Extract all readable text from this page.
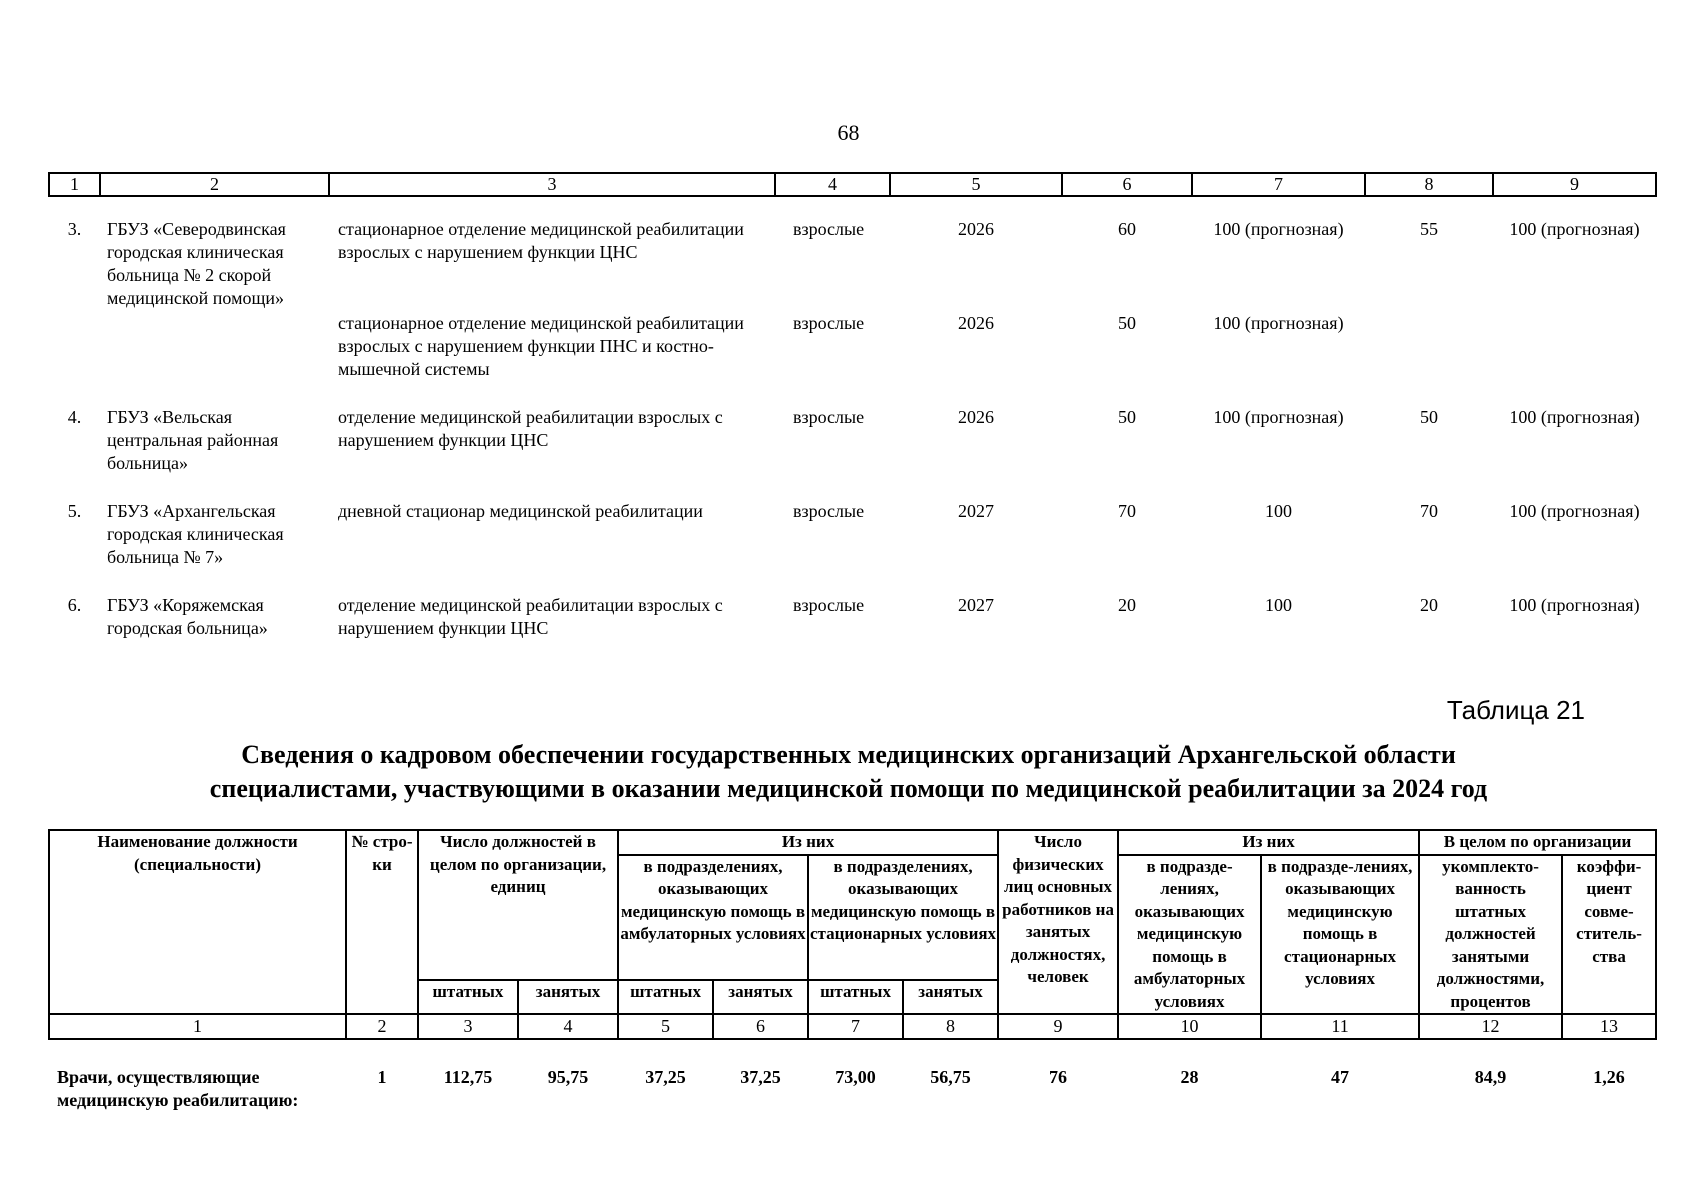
68
1	2	3	4	5	6	7	8	9

3.	ГБУЗ «Северодвинская городская клиническая больница № 2 скорой медицинской помощи»	стационарное отделение медицинской реабилитации взрослых с нарушением функции ЦНС	взрослые	2026	60	100 (прогнозная)	55	100 (прогнозная)
		стационарное отделение медицинской реабилитации взрослых с нарушением функции ПНС и костно-мышечной системы	взрослые	2026	50	100 (прогнозная)		
4.	ГБУЗ «Вельская центральная районная больница»	отделение медицинской реабилитации взрослых с нарушением функции ЦНС	взрослые	2026	50	100 (прогнозная)	50	100 (прогнозная)
5.	ГБУЗ «Архангельская городская клиническая больница № 7»	дневной стационар медицинской реабилитации	взрослые	2027	70	100	70	100 (прогнозная)
6.	ГБУЗ «Коряжемская городская больница»	отделение медицинской реабилитации взрослых с нарушением функции ЦНС	взрослые	2027	20	100	20	100 (прогнозная)
Таблица 21
Сведения о кадровом обеспечении государственных медицинских организаций Архангельской области
специалистами, участвующими в оказании медицинской помощи по медицинской реабилитации за 2024 год
Наименование должности (специальности)	№ стро-ки	Число должностей в целом по организации, единиц		Из них				Число физических лиц основных работников на занятых должностях, человек	Из них		В целом по организации	
				в подразделениях, оказывающих медицинскую помощь в амбулаторных условиях		в подразделениях, оказывающих медицинскую помощь в стационарных условиях			в подразде-лениях, оказывающих медицинскую помощь в амбулаторных условиях	в подразде-лениях, оказывающих медицинскую помощь в стационарных условиях	укомплекто-ванность штатных должностей занятыми должностями, процентов	коэффи-циент совме-ститель-ства
		штатных	занятых	штатных	занятых	штатных	занятых					
1	2	3	4	5	6	7	8	9	10	11	12	13

Врачи, осуществляющие медицинскую реабилитацию:	1	112,75	95,75	37,25	37,25	73,00	56,75	76	28	47	84,9	1,26
